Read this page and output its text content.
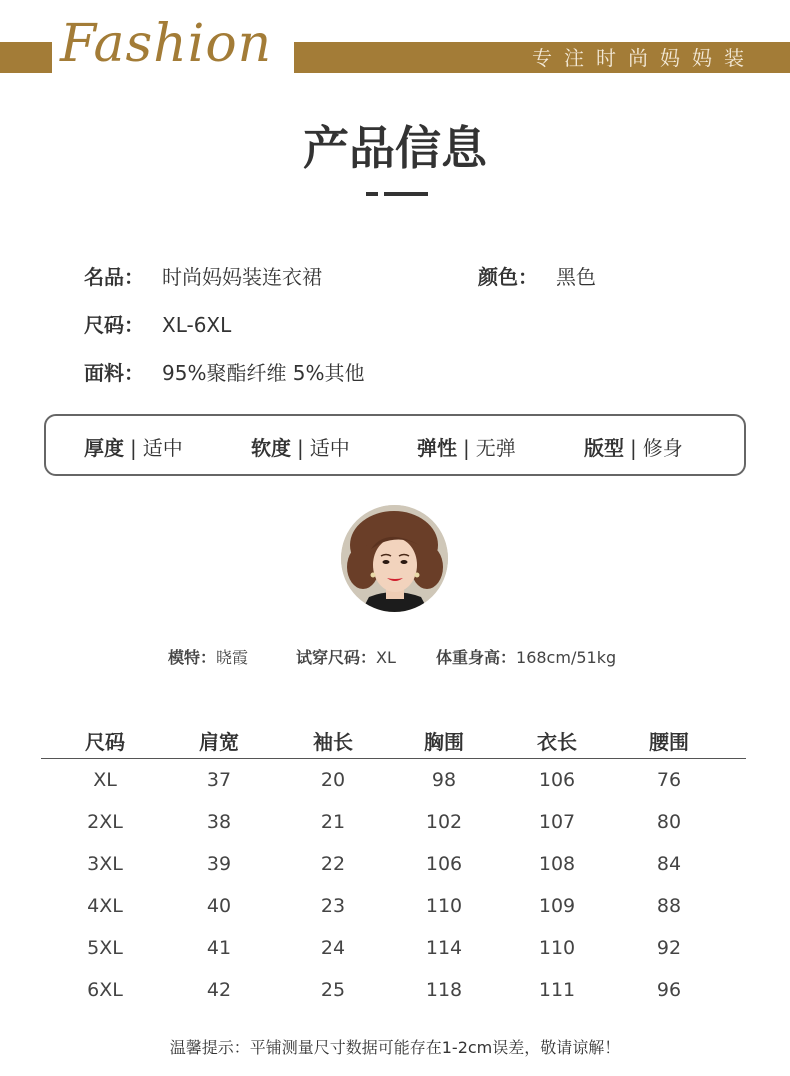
Fashion	专注时尚妈妈装
产品信息
名品： 时尚妈妈装连衣裙	颜色： 黑色
尺码： XL-6XL
面料： 95%聚酯纤维 5%其他
厚度 | 适中	软度 | 适中	弹性 | 无弹	版型 | 修身
模特：晓霞	试穿尺码：XL	体重身高：168cm/51kg
尺码	肩宽	袖长	胸围	衣长	腰围
XL	37	20	98	106	76
2XL	38	21	102	107	80
3XL	39	22	106	108	84
4XL	40	23	110	109	88
5XL	41	24	114	110	92
6XL	42	25	118	111	96
温馨提示：平铺测量尺寸数据可能存在1-2cm误差，敬请谅解！
